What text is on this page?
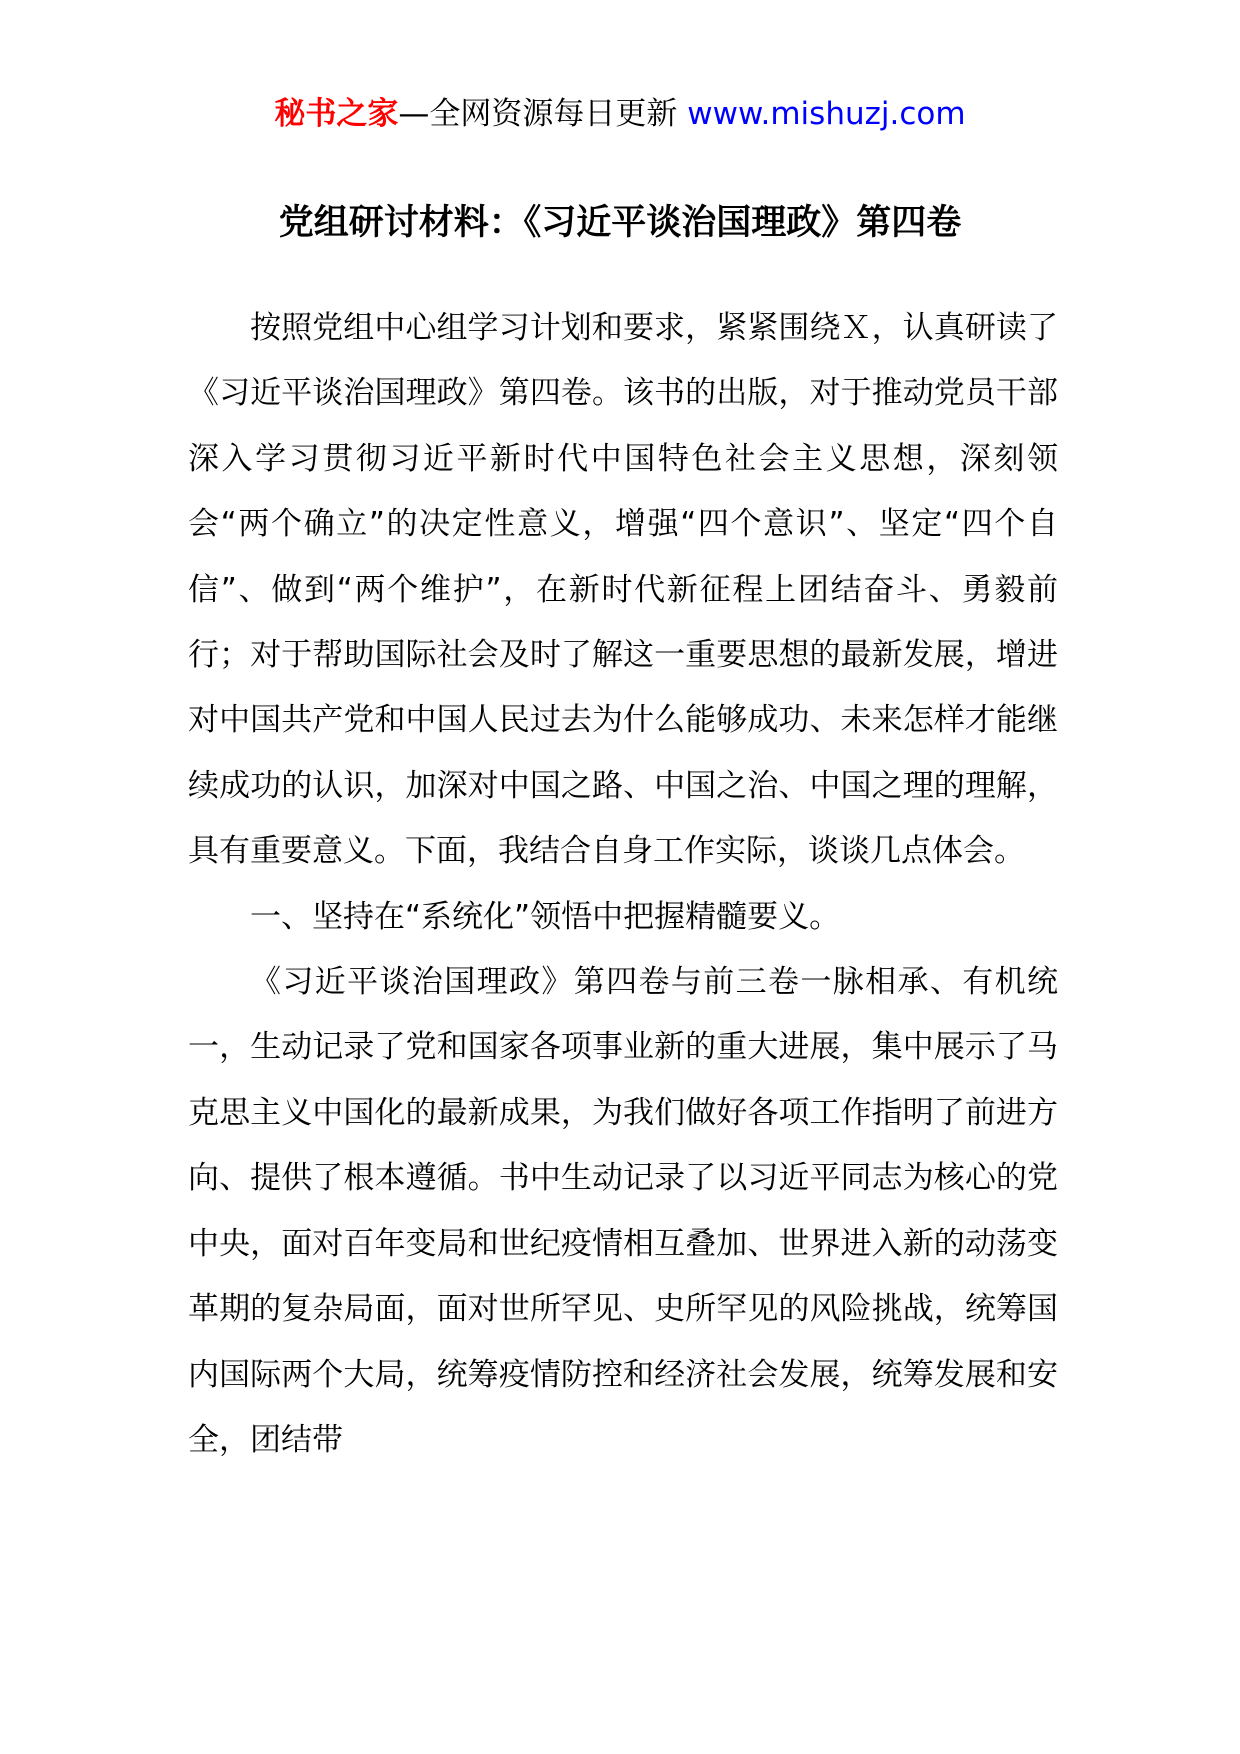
秘书之家—全网资源每日更新 www.mishuzj.com
党组研讨材料：《习近平谈治国理政》第四卷

按照党组中心组学习计划和要求，紧紧围绕Ｘ，认真研读了《习近平谈治国理政》第四卷。该书的出版，对于推动党员干部深入学习贯彻习近平新时代中国特色社会主义思想，深刻领会“两个确立”的决定性意义，增强“四个意识”、坚定“四个自信”、做到“两个维护”，在新时代新征程上团结奋斗、勇毅前行；对于帮助国际社会及时了解这一重要思想的最新发展，增进对中国共产党和中国人民过去为什么能够成功、未来怎样才能继续成功的认识，加深对中国之路、中国之治、中国之理的理解，具有重要意义。下面，我结合自身工作实际，谈谈几点体会。

一、坚持在“系统化”领悟中把握精髓要义。

《习近平谈治国理政》第四卷与前三卷一脉相承、有机统一，生动记录了党和国家各项事业新的重大进展，集中展示了马克思主义中国化的最新成果，为我们做好各项工作指明了前进方向、提供了根本遵循。书中生动记录了以习近平同志为核心的党中央，面对百年变局和世纪疫情相互叠加、世界进入新的动荡变革期的复杂局面，面对世所罕见、史所罕见的风险挑战，统筹国内国际两个大局，统筹疫情防控和经济社会发展，统筹发展和安全，团结带
